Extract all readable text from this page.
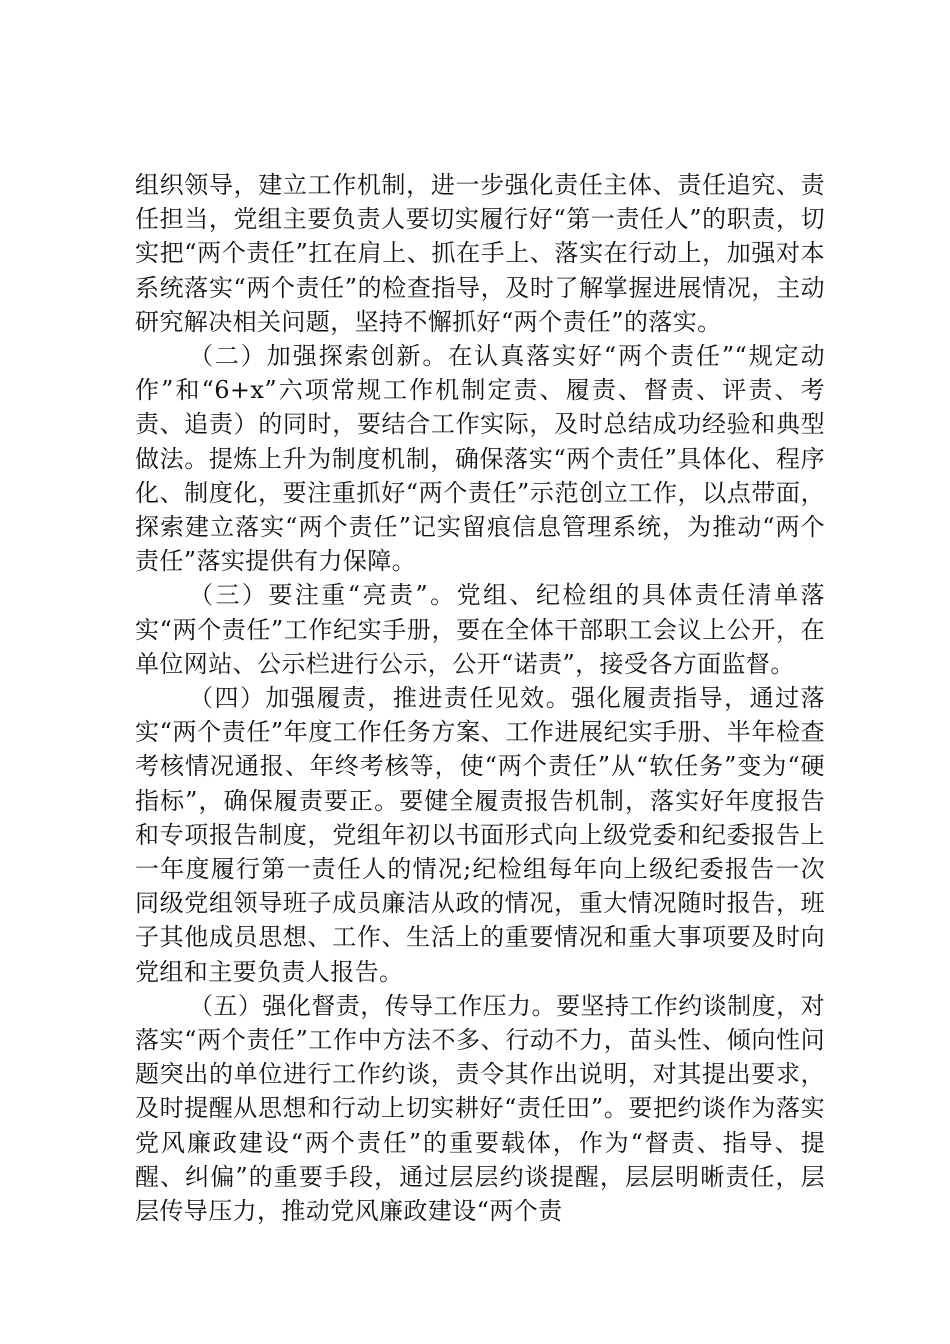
组织领导，建立工作机制，进一步强化责任主体、责任追究、责任担当，党组主要负责人要切实履行好“第一责任人”的职责，切实把“两个责任”扛在肩上、抓在手上、落实在行动上，加强对本系统落实“两个责任”的检查指导，及时了解掌握进展情况，主动研究解决相关问题，坚持不懈抓好“两个责任”的落实。

（二）加强探索创新。在认真落实好“两个责任”“规定动作”和“6+x”六项常规工作机制定责、履责、督责、评责、考责、追责）的同时，要结合工作实际，及时总结成功经验和典型做法。提炼上升为制度机制，确保落实“两个责任”具体化、程序化、制度化，要注重抓好“两个责任”示范创立工作，以点带面，探索建立落实“两个责任”记实留痕信息管理系统，为推动“两个责任”落实提供有力保障。

（三）要注重“亮责”。党组、纪检组的具体责任清单落实“两个责任”工作纪实手册，要在全体干部职工会议上公开，在单位网站、公示栏进行公示，公开“诺责”，接受各方面监督。

（四）加强履责，推进责任见效。强化履责指导，通过落实“两个责任”年度工作任务方案、工作进展纪实手册、半年检查考核情况通报、年终考核等，使“两个责任”从“软任务”变为“硬指标”，确保履责要正。要健全履责报告机制，落实好年度报告和专项报告制度，党组年初以书面形式向上级党委和纪委报告上一年度履行第一责任人的情况;纪检组每年向上级纪委报告一次同级党组领导班子成员廉洁从政的情况，重大情况随时报告，班子其他成员思想、工作、生活上的重要情况和重大事项要及时向党组和主要负责人报告。

（五）强化督责，传导工作压力。要坚持工作约谈制度，对落实“两个责任”工作中方法不多、行动不力，苗头性、倾向性问题突出的单位进行工作约谈，责令其作出说明，对其提出要求，及时提醒从思想和行动上切实耕好“责任田”。要把约谈作为落实党风廉政建设“两个责任”的重要载体，作为“督责、指导、提醒、纠偏”的重要手段，通过层层约谈提醒，层层明晰责任，层层传导压力，推动党风廉政建设“两个责
